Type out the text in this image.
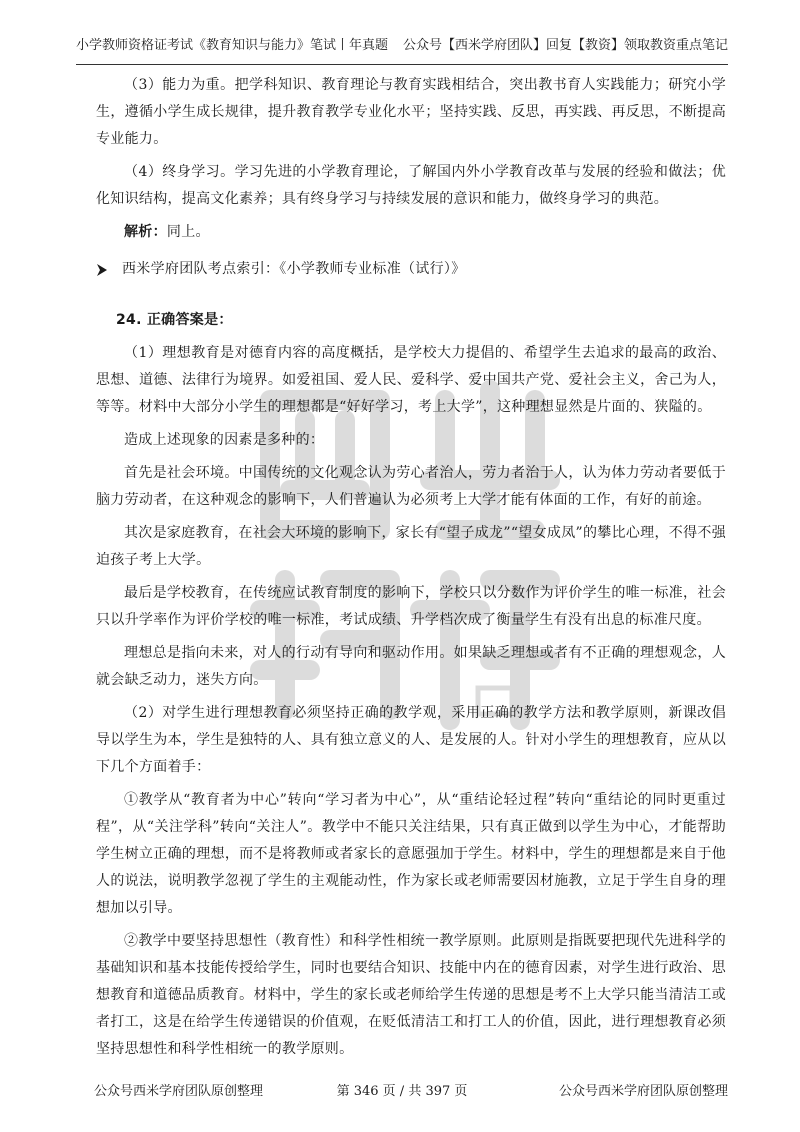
小学教师资格证考试《教育知识与能力》笔试丨年真题 公众号【西米学府团队】回复【教资】领取教资重点笔记

（3）能力为重。把学科知识、教育理论与教育实践相结合，突出教书育人实践能力；研究小学生，遵循小学生成长规律，提升教育教学专业化水平；坚持实践、反思，再实践、再反思，不断提高专业能力。

（4）终身学习。学习先进的小学教育理论，了解国内外小学教育改革与发展的经验和做法；优化知识结构，提高文化素养；具有终身学习与持续发展的意识和能力，做终身学习的典范。

解析：同上。

西米学府团队考点索引：《小学教师专业标准（试行）》

24. 正确答案是：

（1）理想教育是对德育内容的高度概括，是学校大力提倡的、希望学生去追求的最高的政治、思想、道德、法律行为境界。如爱祖国、爱人民、爱科学、爱中国共产党、爱社会主义，舍己为人，等等。材料中大部分小学生的理想都是“好好学习，考上大学”，这种理想显然是片面的、狭隘的。

造成上述现象的因素是多种的：

首先是社会环境。中国传统的文化观念认为劳心者治人，劳力者治于人，认为体力劳动者要低于脑力劳动者，在这种观念的影响下，人们普遍认为必须考上大学才能有体面的工作，有好的前途。

其次是家庭教育，在社会大环境的影响下，家长有“望子成龙”“望女成凤”的攀比心理，不得不强迫孩子考上大学。

最后是学校教育，在传统应试教育制度的影响下，学校只以分数作为评价学生的唯一标准，社会只以升学率作为评价学校的唯一标准，考试成绩、升学档次成了衡量学生有没有出息的标准尺度。

理想总是指向未来，对人的行动有导向和驱动作用。如果缺乏理想或者有不正确的理想观念，人就会缺乏动力，迷失方向。

（2）对学生进行理想教育必须坚持正确的教学观，采用正确的教学方法和教学原则，新课改倡导以学生为本，学生是独特的人、具有独立意义的人、是发展的人。针对小学生的理想教育，应从以下几个方面着手：

①教学从“教育者为中心”转向“学习者为中心”，从“重结论轻过程”转向“重结论的同时更重过程”，从“关注学科”转向“关注人”。教学中不能只关注结果，只有真正做到以学生为中心，才能帮助学生树立正确的理想，而不是将教师或者家长的意愿强加于学生。材料中，学生的理想都是来自于他人的说法，说明教学忽视了学生的主观能动性，作为家长或老师需要因材施教，立足于学生自身的理想加以引导。

②教学中要坚持思想性（教育性）和科学性相统一教学原则。此原则是指既要把现代先进科学的基础知识和基本技能传授给学生，同时也要结合知识、技能中内在的德育因素，对学生进行政治、思想教育和道德品质教育。材料中，学生的家长或老师给学生传递的思想是考不上大学只能当清洁工或者打工，这是在给学生传递错误的价值观，在贬低清洁工和打工人的价值，因此，进行理想教育必须坚持思想性和科学性相统一的教学原则。

公众号西米学府团队原创整理	第 346 页 / 共 397 页	公众号西米学府团队原创整理
